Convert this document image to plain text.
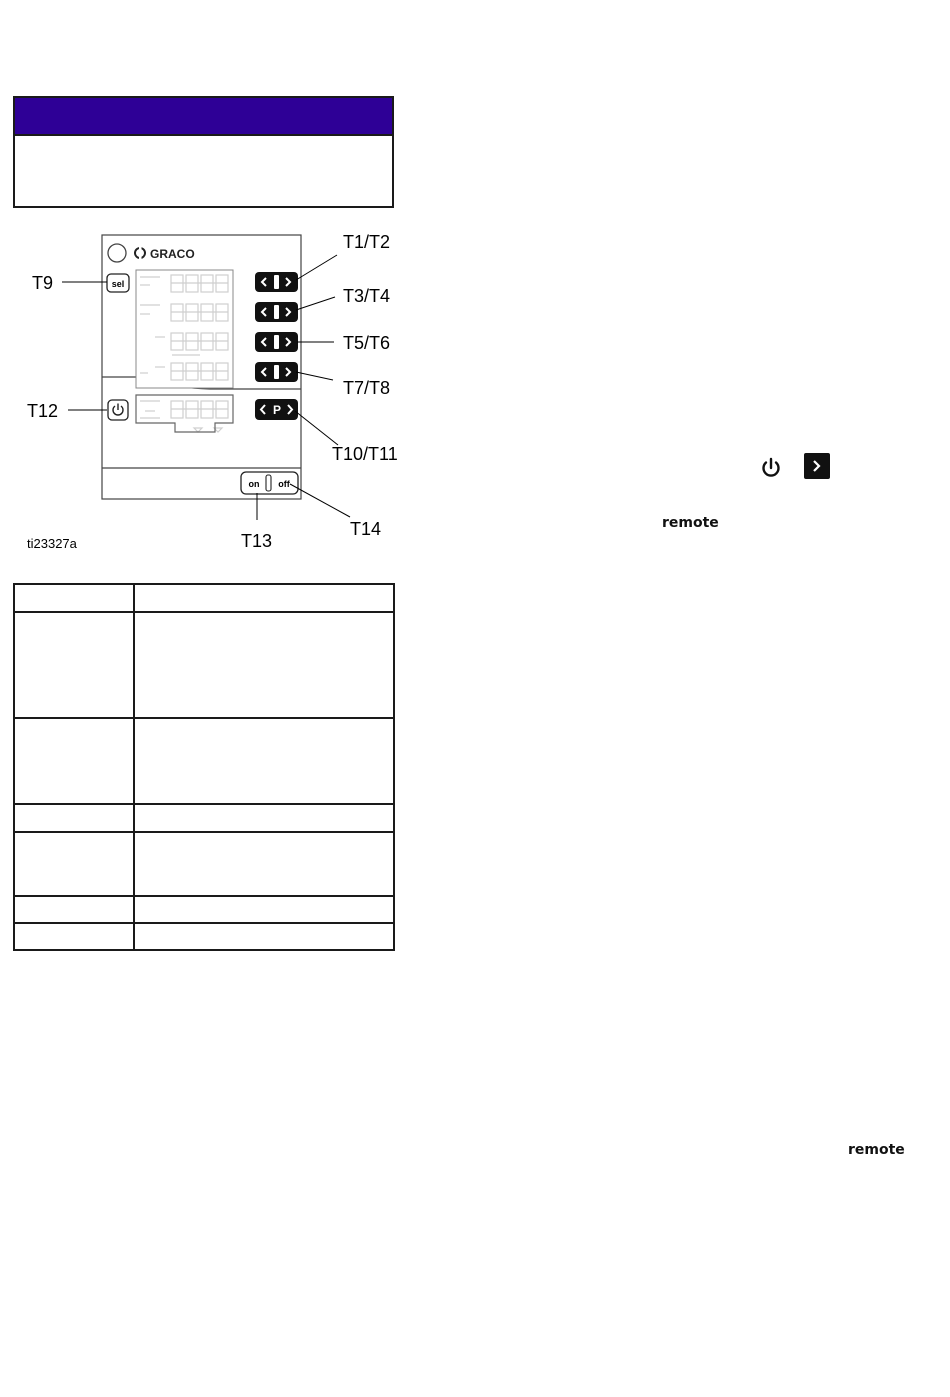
GRACO
sel
P
on off
T1/T2
T3/T4
T5/T6
T7/T8
T9
T10/T11
T12
T13
T14
ti23327a

remote
remote
